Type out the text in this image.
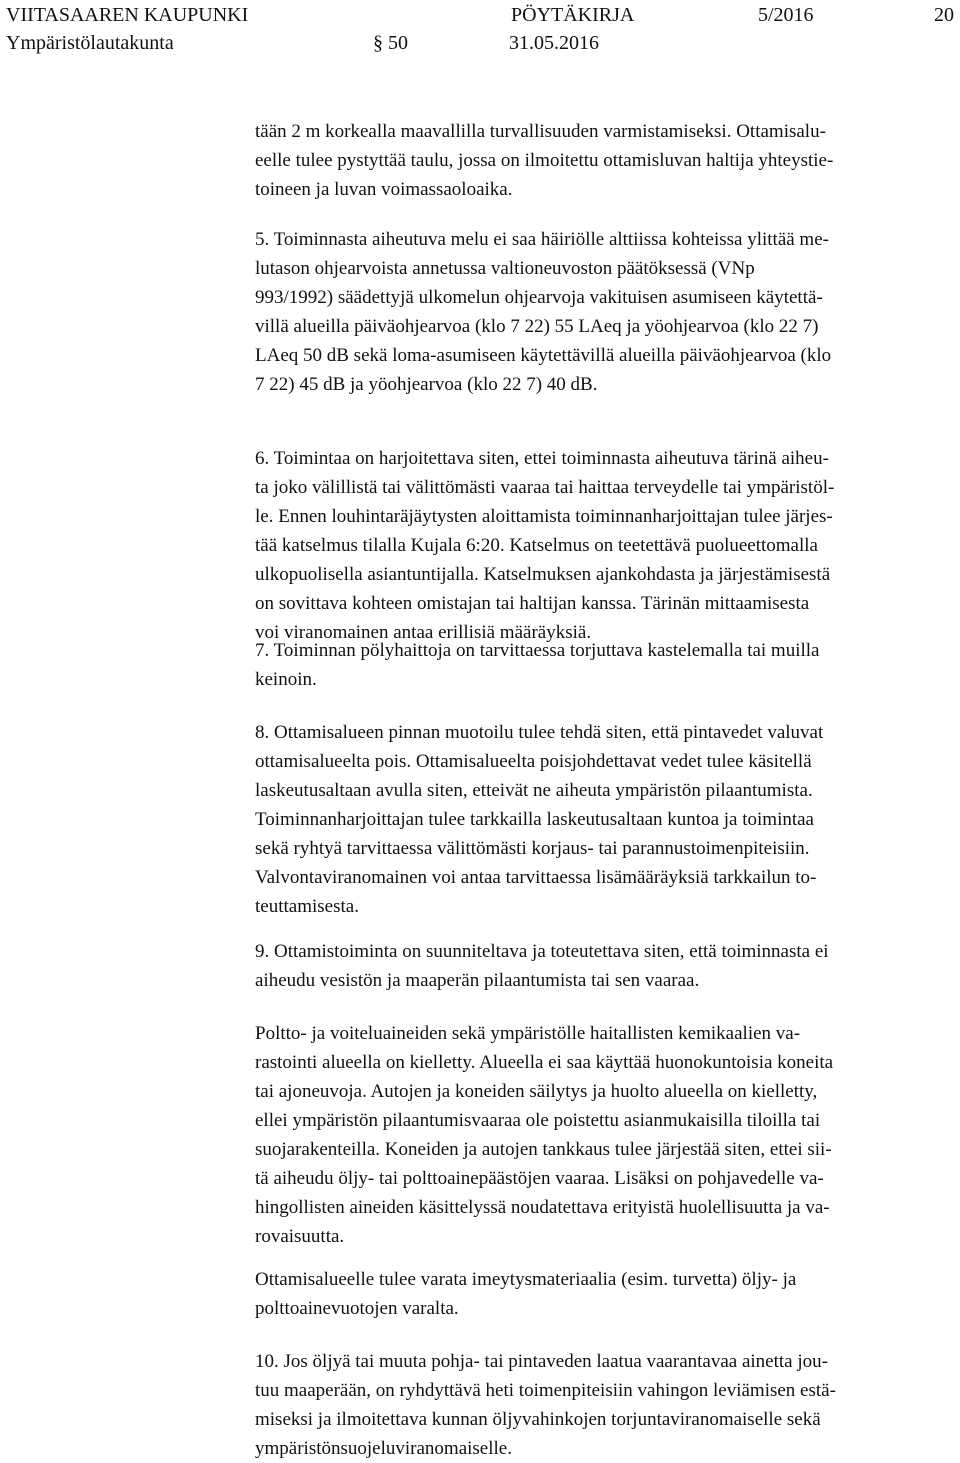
VIITASAAREN KAUPUNKI	PÖYTÄKIRJA	5/2016	20
Ympäristölautakunta	§ 50	31.05.2016
tään 2 m korkealla maavallilla turvallisuuden varmistamiseksi. Ottamisalu-
eelle tulee pystyttää taulu, jossa on ilmoitettu ottamisluvan haltija yhteystie-
toineen ja luvan voimassaoloaika.
5. Toiminnasta aiheutuva melu ei saa häiriölle alttiissa kohteissa ylittää me-
lutason ohjearvoista annetussa valtioneuvoston päätöksessä (VNp
993/1992) säädettyjä ulkomelun ohjearvoja vakituisen asumiseen käytettä-
villä alueilla päiväohjearvoa (klo 7 22) 55 LAeq ja yöohjearvoa (klo 22 7)
LAeq 50 dB sekä loma-asumiseen käytettävillä alueilla päiväohjearvoa (klo
7 22) 45 dB ja yöohjearvoa (klo 22 7) 40 dB.
6. Toimintaa on harjoitettava siten, ettei toiminnasta aiheutuva tärinä aiheu-
ta joko välillistä tai välittömästi vaaraa tai haittaa terveydelle tai ympäristöl-
le. Ennen louhintaräjäytysten aloittamista toiminnanharjoittajan tulee järjes-
tää katselmus tilalla Kujala 6:20. Katselmus on teetettävä puolueettomalla
ulkopuolisella asiantuntijalla. Katselmuksen ajankohdasta ja järjestämisestä
on sovittava kohteen omistajan tai haltijan kanssa. Tärinän mittaamisesta
voi viranomainen antaa erillisiä määräyksiä.
7. Toiminnan pölyhaittoja on tarvittaessa torjuttava kastelemalla tai muilla
keinoin.
8. Ottamisalueen pinnan muotoilu tulee tehdä siten, että pintavedet valuvat
ottamisalueelta pois. Ottamisalueelta poisjohdettavat vedet tulee käsitellä
laskeutusaltaan avulla siten, etteivät ne aiheuta ympäristön pilaantumista.
Toiminnanharjoittajan tulee tarkkailla laskeutusaltaan kuntoa ja toimintaa
sekä ryhtyä tarvittaessa välittömästi korjaus- tai parannustoimenpiteisiin.
Valvontaviranomainen voi antaa tarvittaessa lisämääräyksiä tarkkailun to-
teuttamisesta.
9. Ottamistoiminta on suunniteltava ja toteutettava siten, että toiminnasta ei
aiheudu vesistön ja maaperän pilaantumista tai sen vaaraa.
Poltto- ja voiteluaineiden sekä ympäristölle haitallisten kemikaalien va-
rastointi alueella on kielletty. Alueella ei saa käyttää huonokuntoisia koneita
tai ajoneuvoja. Autojen ja koneiden säilytys ja huolto alueella on kielletty,
ellei ympäristön pilaantumisvaaraa ole poistettu asianmukaisilla tiloilla tai
suojarakenteilla. Koneiden ja autojen tankkaus tulee järjestää siten, ettei sii-
tä aiheudu öljy- tai polttoainepäästöjen vaaraa. Lisäksi on pohjavedelle va-
hingollisten aineiden käsittelyssä noudatettava erityistä huolellisuutta ja va-
rovaisuutta.
Ottamisalueelle tulee varata imeytysmateriaalia (esim. turvetta) öljy- ja
polttoainevuotojen varalta.
10. Jos öljyä tai muuta pohja- tai pintaveden laatua vaarantavaa ainetta jou-
tuu maaperään, on ryhdyttävä heti toimenpiteisiin vahingon leviämisen estä-
miseksi ja ilmoitettava kunnan öljyvahinkojen torjuntaviranomaiselle sekä
ympäristönsuojeluviranomaiselle.
